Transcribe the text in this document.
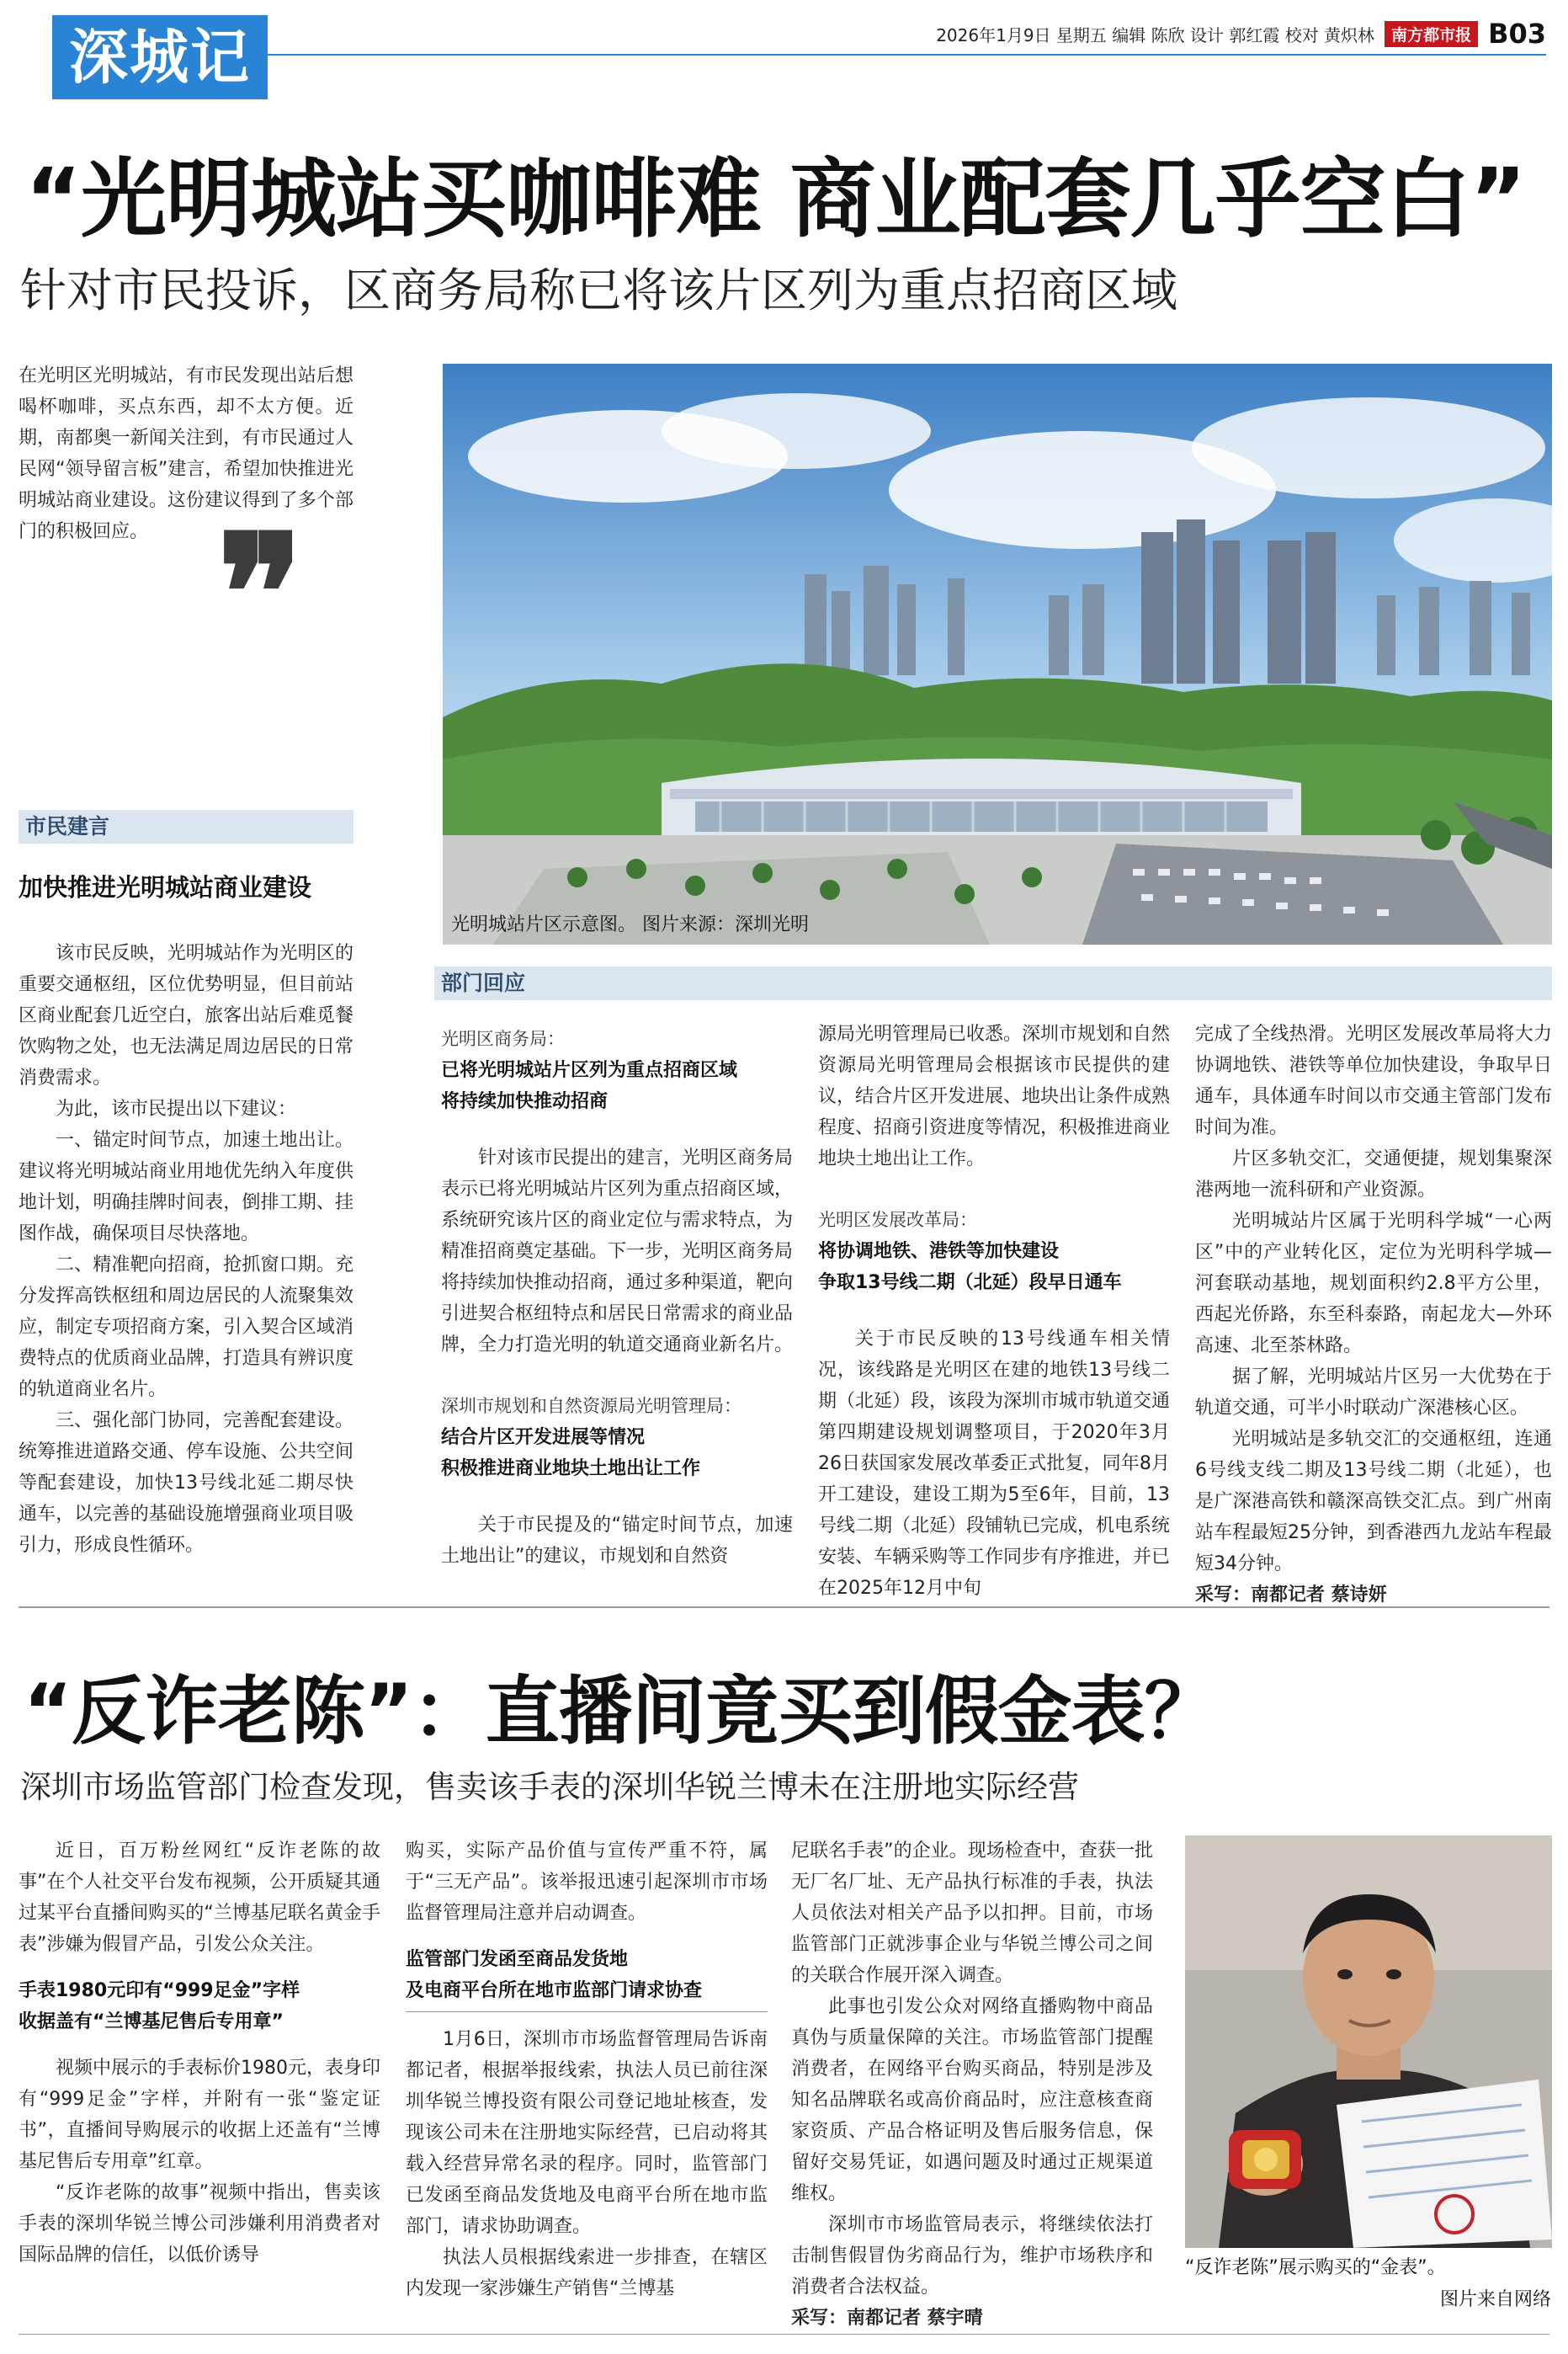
深城记	2026年1月9日 星期五 编辑 陈欣 设计 郭红霞 校对 黄炽林	南方都市报 B03
“光明城站买咖啡难 商业配套几乎空白”
针对市民投诉，区商务局称已将该片区列为重点招商区域

在光明区光明城站，有市民发现出站后想喝杯咖啡，买点东西，却不太方便。近期，南都奥一新闻关注到，有市民通过人民网“领导留言板”建言，希望加快推进光明城站商业建设。这份建议得到了多个部门的积极回应。 ❞
光明城站片区示意图。 图片来源：深圳光明
市民建言
加快推进光明城站商业建设

该市民反映，光明城站作为光明区的重要交通枢纽，区位优势明显，但目前站区商业配套几近空白，旅客出站后难觅餐饮购物之处，也无法满足周边居民的日常消费需求。

为此，该市民提出以下建议：

一、锚定时间节点，加速土地出让。建议将光明城站商业用地优先纳入年度供地计划，明确挂牌时间表，倒排工期、挂图作战，确保项目尽快落地。

二、精准靶向招商，抢抓窗口期。充分发挥高铁枢纽和周边居民的人流聚集效应，制定专项招商方案，引入契合区域消费特点的优质商业品牌，打造具有辨识度的轨道商业名片。

三、强化部门协同，完善配套建设。统筹推进道路交通、停车设施、公共空间等配套建设，加快13号线北延二期尽快通车，以完善的基础设施增强商业项目吸引力，形成良性循环。

部门回应
光明区商务局：
已将光明城站片区列为重点招商区域
将持续加快推动招商

针对该市民提出的建言，光明区商务局表示已将光明城站片区列为重点招商区域，系统研究该片区的商业定位与需求特点，为精准招商奠定基础。下一步，光明区商务局将持续加快推动招商，通过多种渠道，靶向引进契合枢纽特点和居民日常需求的商业品牌，全力打造光明的轨道交通商业新名片。

深圳市规划和自然资源局光明管理局：
结合片区开发进展等情况
积极推进商业地块土地出让工作

关于市民提及的“锚定时间节点，加速土地出让”的建议，市规划和自然资

源局光明管理局已收悉。深圳市规划和自然资源局光明管理局会根据该市民提供的建议，结合片区开发进展、地块出让条件成熟程度、招商引资进度等情况，积极推进商业地块土地出让工作。

光明区发展改革局：
将协调地铁、港铁等加快建设
争取13号线二期（北延）段早日通车

关于市民反映的13号线通车相关情况，该线路是光明区在建的地铁13号线二期（北延）段，该段为深圳市城市轨道交通第四期建设规划调整项目，于2020年3月26日获国家发展改革委正式批复，同年8月开工建设，建设工期为5至6年，目前，13号线二期（北延）段铺轨已完成，机电系统安装、车辆采购等工作同步有序推进，并已在2025年12月中旬

完成了全线热滑。光明区发展改革局将大力协调地铁、港铁等单位加快建设，争取早日通车，具体通车时间以市交通主管部门发布时间为准。

片区多轨交汇，交通便捷，规划集聚深港两地一流科研和产业资源。

光明城站片区属于光明科学城“一心两区”中的产业转化区，定位为光明科学城—河套联动基地，规划面积约2.8平方公里，西起光侨路，东至科泰路，南起龙大—外环高速、北至茶林路。

据了解，光明城站片区另一大优势在于轨道交通，可半小时联动广深港核心区。

光明城站是多轨交汇的交通枢纽，连通6号线支线二期及13号线二期（北延），也是广深港高铁和赣深高铁交汇点。到广州南站车程最短25分钟，到香港西九龙站车程最短34分钟。

采写：南都记者 蔡诗妍

“反诈老陈”：直播间竟买到假金表？
深圳市场监管部门检查发现，售卖该手表的深圳华锐兰博未在注册地实际经营

近日，百万粉丝网红“反诈老陈的故事”在个人社交平台发布视频，公开质疑其通过某平台直播间购买的“兰博基尼联名黄金手表”涉嫌为假冒产品，引发公众关注。

手表1980元印有“999足金”字样
收据盖有“兰博基尼售后专用章”

视频中展示的手表标价1980元，表身印有“999足金”字样，并附有一张“鉴定证书”，直播间导购展示的收据上还盖有“兰博基尼售后专用章”红章。

“反诈老陈的故事”视频中指出，售卖该手表的深圳华锐兰博公司涉嫌利用消费者对国际品牌的信任，以低价诱导

购买，实际产品价值与宣传严重不符，属于“三无产品”。该举报迅速引起深圳市市场监督管理局注意并启动调查。

监管部门发函至商品发货地
及电商平台所在地市监部门请求协查

1月6日，深圳市市场监督管理局告诉南都记者，根据举报线索，执法人员已前往深圳华锐兰博投资有限公司登记地址核查，发现该公司未在注册地实际经营，已启动将其载入经营异常名录的程序。同时，监管部门已发函至商品发货地及电商平台所在地市监部门，请求协助调查。

执法人员根据线索进一步排查，在辖区内发现一家涉嫌生产销售“兰博基

尼联名手表”的企业。现场检查中，查获一批无厂名厂址、无产品执行标准的手表，执法人员依法对相关产品予以扣押。目前，市场监管部门正就涉事企业与华锐兰博公司之间的关联合作展开深入调查。

此事也引发公众对网络直播购物中商品真伪与质量保障的关注。市场监管部门提醒消费者，在网络平台购买商品，特别是涉及知名品牌联名或高价商品时，应注意核查商家资质、产品合格证明及售后服务信息，保留好交易凭证，如遇问题及时通过正规渠道维权。

深圳市市场监管局表示，将继续依法打击制售假冒伪劣商品行为，维护市场秩序和消费者合法权益。

采写：南都记者 蔡宇晴

“反诈老陈”展示购买的“金表”。
图片来自网络
